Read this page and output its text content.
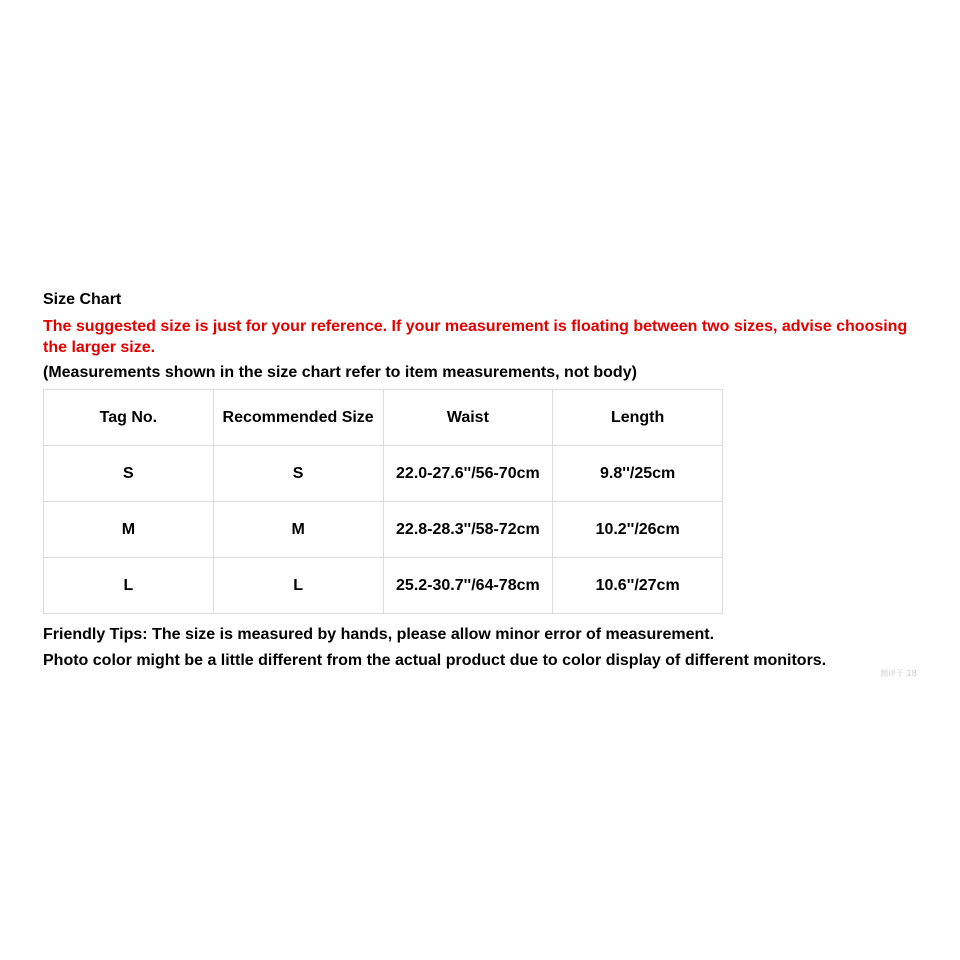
Size Chart
The suggested size is just for your reference. If your measurement is floating between two sizes, advise choosing the larger size.
(Measurements shown in the size chart refer to item measurements, not body)
Tag No.	Recommended Size	Waist	Length
S	S	22.0-27.6''/56-70cm	9.8''/25cm
M	M	22.8-28.3''/58-72cm	10.2''/26cm
L	L	25.2-30.7''/64-78cm	10.6''/27cm
Friendly Tips: The size is measured by hands, please allow minor error of measurement.
Photo color might be a little different from the actual product due to color display of different monitors.
测评于 18
